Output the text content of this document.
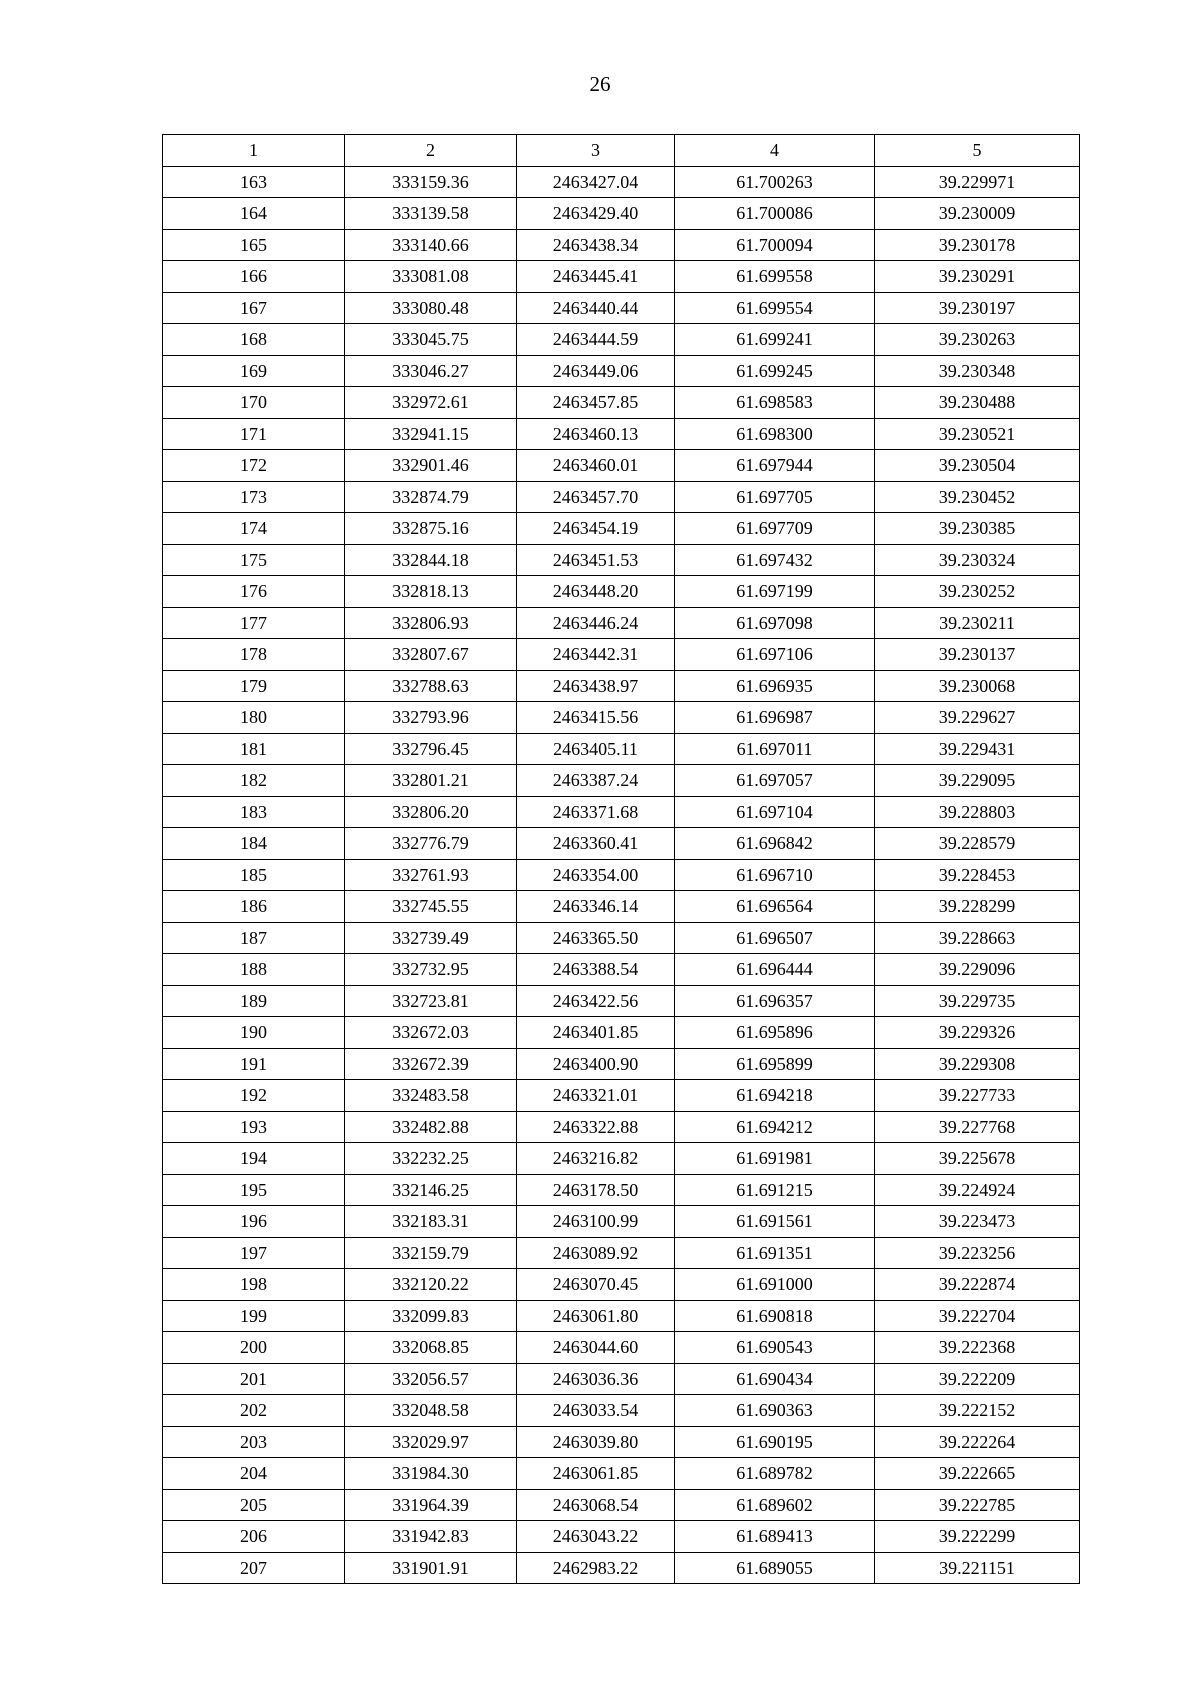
26
1	2	3	4	5
163	333159.36	2463427.04	61.700263	39.229971
164	333139.58	2463429.40	61.700086	39.230009
165	333140.66	2463438.34	61.700094	39.230178
166	333081.08	2463445.41	61.699558	39.230291
167	333080.48	2463440.44	61.699554	39.230197
168	333045.75	2463444.59	61.699241	39.230263
169	333046.27	2463449.06	61.699245	39.230348
170	332972.61	2463457.85	61.698583	39.230488
171	332941.15	2463460.13	61.698300	39.230521
172	332901.46	2463460.01	61.697944	39.230504
173	332874.79	2463457.70	61.697705	39.230452
174	332875.16	2463454.19	61.697709	39.230385
175	332844.18	2463451.53	61.697432	39.230324
176	332818.13	2463448.20	61.697199	39.230252
177	332806.93	2463446.24	61.697098	39.230211
178	332807.67	2463442.31	61.697106	39.230137
179	332788.63	2463438.97	61.696935	39.230068
180	332793.96	2463415.56	61.696987	39.229627
181	332796.45	2463405.11	61.697011	39.229431
182	332801.21	2463387.24	61.697057	39.229095
183	332806.20	2463371.68	61.697104	39.228803
184	332776.79	2463360.41	61.696842	39.228579
185	332761.93	2463354.00	61.696710	39.228453
186	332745.55	2463346.14	61.696564	39.228299
187	332739.49	2463365.50	61.696507	39.228663
188	332732.95	2463388.54	61.696444	39.229096
189	332723.81	2463422.56	61.696357	39.229735
190	332672.03	2463401.85	61.695896	39.229326
191	332672.39	2463400.90	61.695899	39.229308
192	332483.58	2463321.01	61.694218	39.227733
193	332482.88	2463322.88	61.694212	39.227768
194	332232.25	2463216.82	61.691981	39.225678
195	332146.25	2463178.50	61.691215	39.224924
196	332183.31	2463100.99	61.691561	39.223473
197	332159.79	2463089.92	61.691351	39.223256
198	332120.22	2463070.45	61.691000	39.222874
199	332099.83	2463061.80	61.690818	39.222704
200	332068.85	2463044.60	61.690543	39.222368
201	332056.57	2463036.36	61.690434	39.222209
202	332048.58	2463033.54	61.690363	39.222152
203	332029.97	2463039.80	61.690195	39.222264
204	331984.30	2463061.85	61.689782	39.222665
205	331964.39	2463068.54	61.689602	39.222785
206	331942.83	2463043.22	61.689413	39.222299
207	331901.91	2462983.22	61.689055	39.221151
